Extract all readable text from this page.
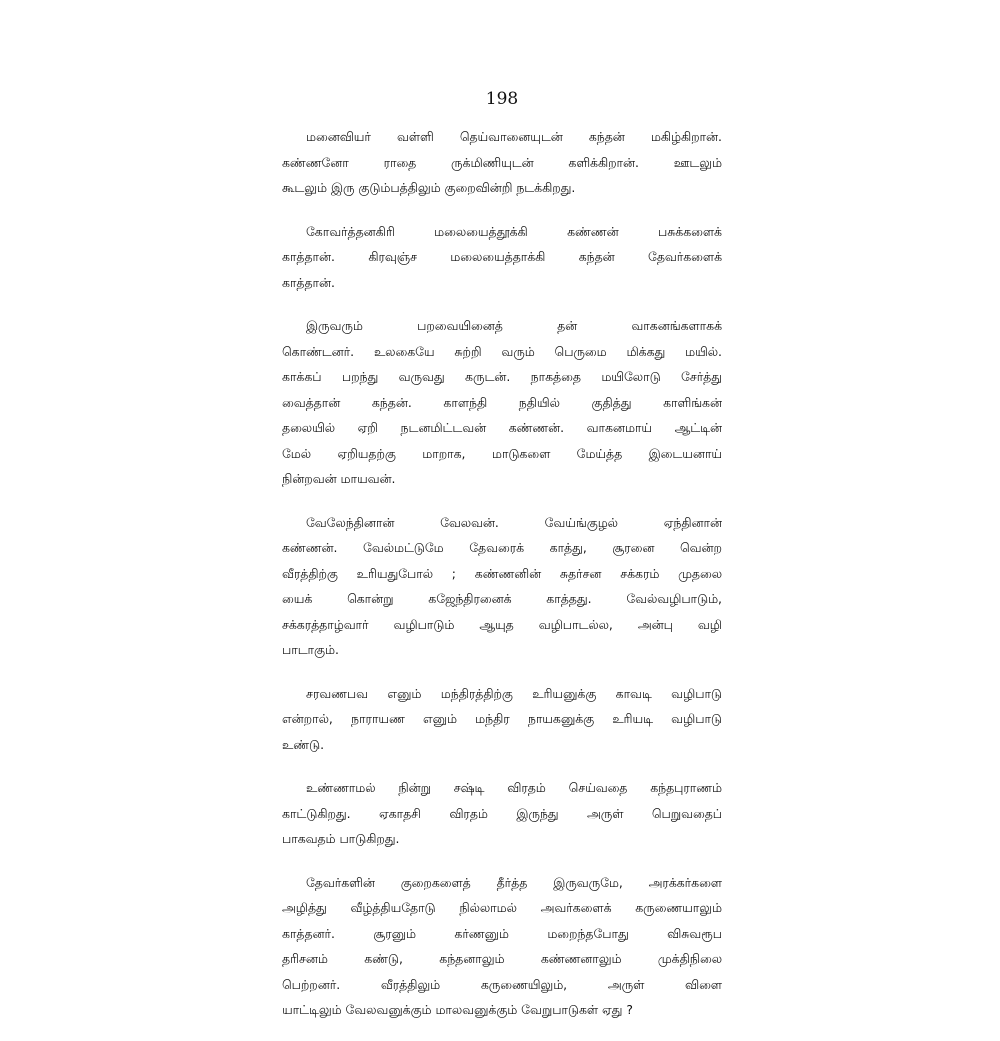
198
மனைவியர் வள்ளி தெய்வானையுடன் கந்தன் மகிழ்கிறான்.
கண்ணனோ ராதை ருக்மிணியுடன் களிக்கிறான். ஊடலும்
கூடலும் இரு குடும்பத்திலும் குறைவின்றி நடக்கிறது.
கோவர்த்தனகிரி மலையைத்தூக்கி கண்ணன் பசுக்களைக்
காத்தான். கிரவுஞ்ச மலையைத்தாக்கி கந்தன் தேவர்களைக்
காத்தான்.
இருவரும் பறவையினைத் தன் வாகனங்களாகக்
கொண்டனர். உலகையே சுற்றி வரும் பெருமை மிக்கது மயில்.
காக்கப் பறந்து வருவது கருடன். நாகத்தை மயிலோடு சேர்த்து
வைத்தான் கந்தன். காளந்தி நதியில் குதித்து காளிங்கன்
தலையில் ஏறி நடனமிட்டவன் கண்ணன். வாகனமாய் ஆட்டின்
மேல் ஏறியதற்கு மாறாக, மாடுகளை மேய்த்த இடையனாய்
நின்றவன் மாயவன்.
வேலேந்தினான் வேலவன். வேய்ங்குழல் ஏந்தினான்
கண்ணன். வேல்மட்டுமே தேவரைக் காத்து, சூரனை வென்ற
வீரத்திற்கு உரியதுபோல் ; கண்ணனின் சுதர்சன சக்கரம் முதலை
யைக் கொன்று கஜேந்திரனைக் காத்தது. வேல்வழிபாடும்,
சக்கரத்தாழ்வார் வழிபாடும் ஆயுத வழிபாடல்ல, அன்பு வழி
பாடாகும்.
சரவணபவ எனும் மந்திரத்திற்கு உரியனுக்கு காவடி வழிபாடு
என்றால், நாராயண எனும் மந்திர நாயகனுக்கு உரியடி வழிபாடு
உண்டு.
உண்ணாமல் நின்று சஷ்டி விரதம் செய்வதை கந்தபுராணம்
காட்டுகிறது. ஏகாதசி விரதம் இருந்து அருள் பெறுவதைப்
பாகவதம் பாடுகிறது.
தேவர்களின் குறைகளைத் தீர்த்த இருவருமே, அரக்கர்களை
அழித்து வீழ்த்தியதோடு நில்லாமல் அவர்களைக் கருணையாலும்
காத்தனர். சூரனும் கர்ணனும் மறைந்தபோது விசுவரூப
தரிசனம் கண்டு, கந்தனாலும் கண்ணனாலும் முக்திநிலை
பெற்றனர். வீரத்திலும் கருணையிலும், அருள் விளை
யாட்டிலும் வேலவனுக்கும் மாலவனுக்கும் வேறுபாடுகள் ஏது ?
